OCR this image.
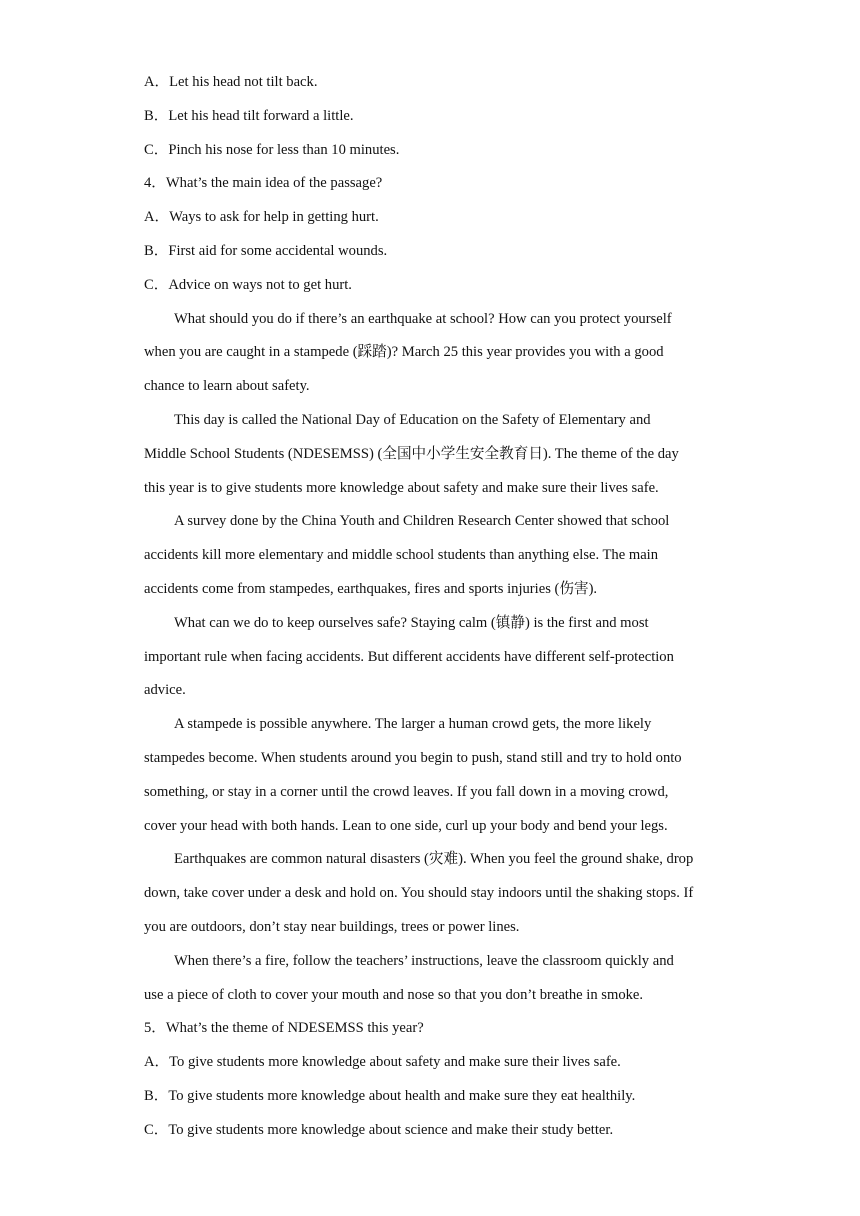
A．Let his head not tilt back.
B．Let his head tilt forward a little.
C．Pinch his nose for less than 10 minutes.
4．What’s the main idea of the passage?
A．Ways to ask for help in getting hurt.
B．First aid for some accidental wounds.
C．Advice on ways not to get hurt.
What should you do if there’s an earthquake at school? How can you protect yourself
when you are caught in a stampede (踩踏)? March 25 this year provides you with a good
chance to learn about safety.
This day is called the National Day of Education on the Safety of Elementary and
Middle School Students (NDESEMSS) (全国中小学生安全教育日). The theme of the day
this year is to give students more knowledge about safety and make sure their lives safe.
A survey done by the China Youth and Children Research Center showed that school
accidents kill more elementary and middle school students than anything else. The main
accidents come from stampedes, earthquakes, fires and sports injuries (伤害).
What can we do to keep ourselves safe? Staying calm (镇静) is the first and most
important rule when facing accidents. But different accidents have different self-protection
advice.
A stampede is possible anywhere. The larger a human crowd gets, the more likely
stampedes become. When students around you begin to push, stand still and try to hold onto
something, or stay in a corner until the crowd leaves. If you fall down in a moving crowd,
cover your head with both hands. Lean to one side, curl up your body and bend your legs.
Earthquakes are common natural disasters (灾难). When you feel the ground shake, drop
down, take cover under a desk and hold on. You should stay indoors until the shaking stops. If
you are outdoors, don’t stay near buildings, trees or power lines.
When there’s a fire, follow the teachers’ instructions, leave the classroom quickly and
use a piece of cloth to cover your mouth and nose so that you don’t breathe in smoke.
5．What’s the theme of NDESEMSS this year?
A．To give students more knowledge about safety and make sure their lives safe.
B．To give students more knowledge about health and make sure they eat healthily.
C．To give students more knowledge about science and make their study better.
